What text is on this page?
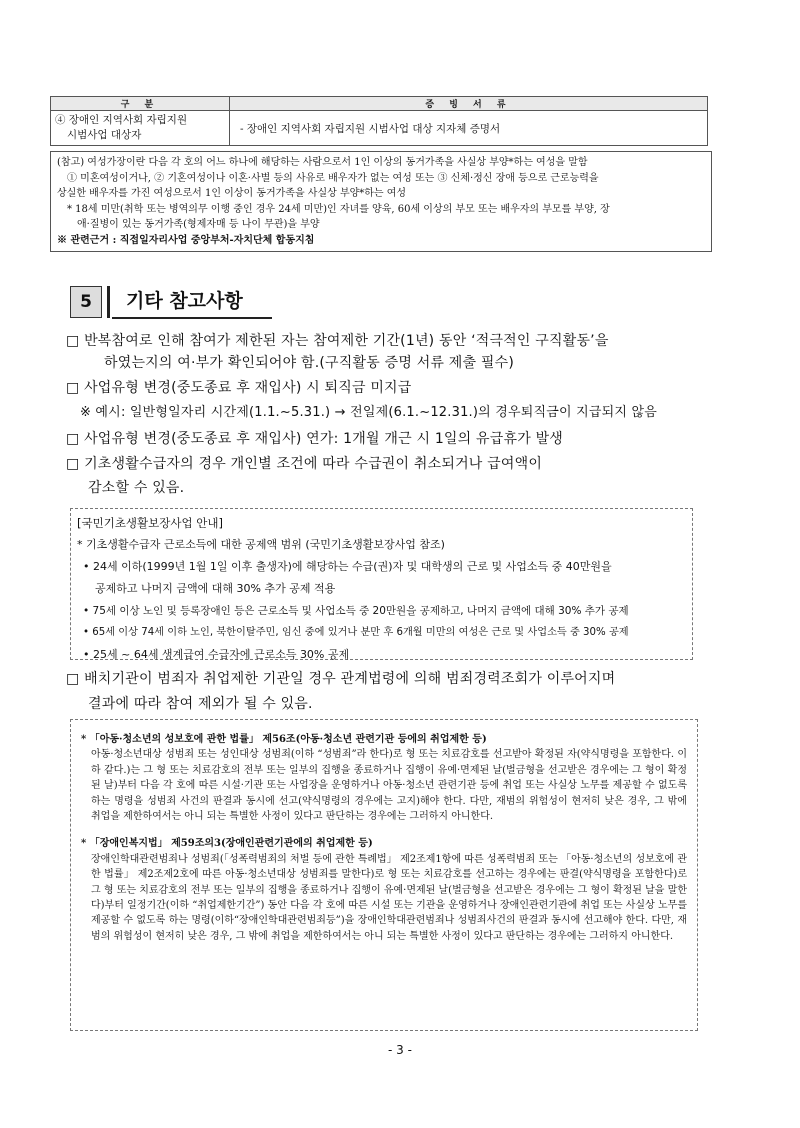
구 분	증 빙 서 류

④ 장애인 지역사회 자립지원
시범사업 대상자	- 장애인 지역사회 자립지원 시범사업 대상 지자체 증명서
(참고) 여성가장이란 다음 각 호의 어느 하나에 해당하는 사람으로서 1인 이상의 동거가족을 사실상 부양*하는 여성을 말함
① 미혼여성이거나, ② 기혼여성이나 이혼·사별 등의 사유로 배우자가 없는 여성 또는 ③ 신체·정신 장애 등으로 근로능력을
상실한 배우자를 가진 여성으로서 1인 이상이 동거가족을 사실상 부양*하는 여성
* 18세 미만(취학 또는 병역의무 이행 중인 경우 24세 미만)인 자녀를 양육, 60세 이상의 부모 또는 배우자의 부모를 부양, 장
애·질병이 있는 동거가족(형제자매 등 나이 무관)을 부양
※ 관련근거 : 직접일자리사업 중앙부처-자치단체 합동지침
5	기타 참고사항
□ 반복참여로 인해 참여가 제한된 자는 참여제한 기간(1년) 동안 ‘적극적인 구직활동’을
하였는지의 여·부가 확인되어야 함.(구직활동 증명 서류 제출 필수)
□ 사업유형 변경(중도종료 후 재입사) 시 퇴직금 미지급
※ 예시: 일반형일자리 시간제(1.1.~5.31.) → 전일제(6.1.~12.31.)의 경우퇴직금이 지급되지 않음
□ 사업유형 변경(중도종료 후 재입사) 연가: 1개월 개근 시 1일의 유급휴가 발생
□ 기초생활수급자의 경우 개인별 조건에 따라 수급권이 취소되거나 급여액이
감소할 수 있음.
[국민기초생활보장사업 안내]
* 기초생활수급자 근로소득에 대한 공제액 범위 (국민기초생활보장사업 참조)
• 24세 이하(1999년 1월 1일 이후 출생자)에 해당하는 수급(권)자 및 대학생의 근로 및 사업소득 중 40만원을
공제하고 나머지 금액에 대해 30% 추가 공제 적용
• 75세 이상 노인 및 등록장애인 등은 근로소득 및 사업소득 중 20만원을 공제하고, 나머지 금액에 대해 30% 추가 공제
• 65세 이상 74세 이하 노인, 북한이탈주민, 임신 중에 있거나 분만 후 6개월 미만의 여성은 근로 및 사업소득 중 30% 공제
• 25세 ~ 64세 생계급여 수급자에 근로소득 30% 공제
□ 배치기관이 범죄자 취업제한 기관일 경우 관계법령에 의해 범죄경력조회가 이루어지며
결과에 따라 참여 제외가 될 수 있음.

* 「아동·청소년의 성보호에 관한 법률」 제56조(아동·청소년 관련기관 등에의 취업제한 등)

아동·청소년대상 성범죄 또는 성인대상 성범죄(이하 “성범죄”라 한다)로 형 또는 치료감호를 선고받아 확정된 자(약식명령을 포함한다. 이하 같다.)는 그 형 또는 치료감호의 전부 또는 일부의 집행을 종료하거나 집행이 유예·면제된 날(벌금형을 선고받은 경우에는 그 형이 확정된 날)부터 다음 각 호에 따른 시설·기관 또는 사업장을 운영하거나 아동·청소년 관련기관 등에 취업 또는 사실상 노무를 제공할 수 없도록 하는 명령을 성범죄 사건의 판결과 동시에 선고(약식명령의 경우에는 고지)해야 한다. 다만, 재범의 위험성이 현저히 낮은 경우, 그 밖에 취업을 제한하여서는 아니 되는 특별한 사정이 있다고 판단하는 경우에는 그러하지 아니한다.

* 「장애인복지법」 제59조의3(장애인관련기관에의 취업제한 등)

장애인학대관련범죄나 성범죄(「성폭력범죄의 처벌 등에 관한 특례법」 제2조제1항에 따른 성폭력범죄 또는 「아동·청소년의 성보호에 관한 법률」 제2조제2호에 따른 아동·청소년대상 성범죄를 말한다)로 형 또는 치료감호를 선고하는 경우에는 판결(약식명령을 포함한다)로 그 형 또는 치료감호의 전부 또는 일부의 집행을 종료하거나 집행이 유예·면제된 날(벌금형을 선고받은 경우에는 그 형이 확정된 날을 말한다)부터 일정기간(이하 “취업제한기간”) 동안 다음 각 호에 따른 시설 또는 기관을 운영하거나 장애인관련기관에 취업 또는 사실상 노무를 제공할 수 없도록 하는 명령(이하“장애인학대관련범죄등”)을 장애인학대관련범죄나 성범죄사건의 판결과 동시에 선고해야 한다. 다만, 재범의 위험성이 현저히 낮은 경우, 그 밖에 취업을 제한하여서는 아니 되는 특별한 사정이 있다고 판단하는 경우에는 그러하지 아니한다.

- 3 -
